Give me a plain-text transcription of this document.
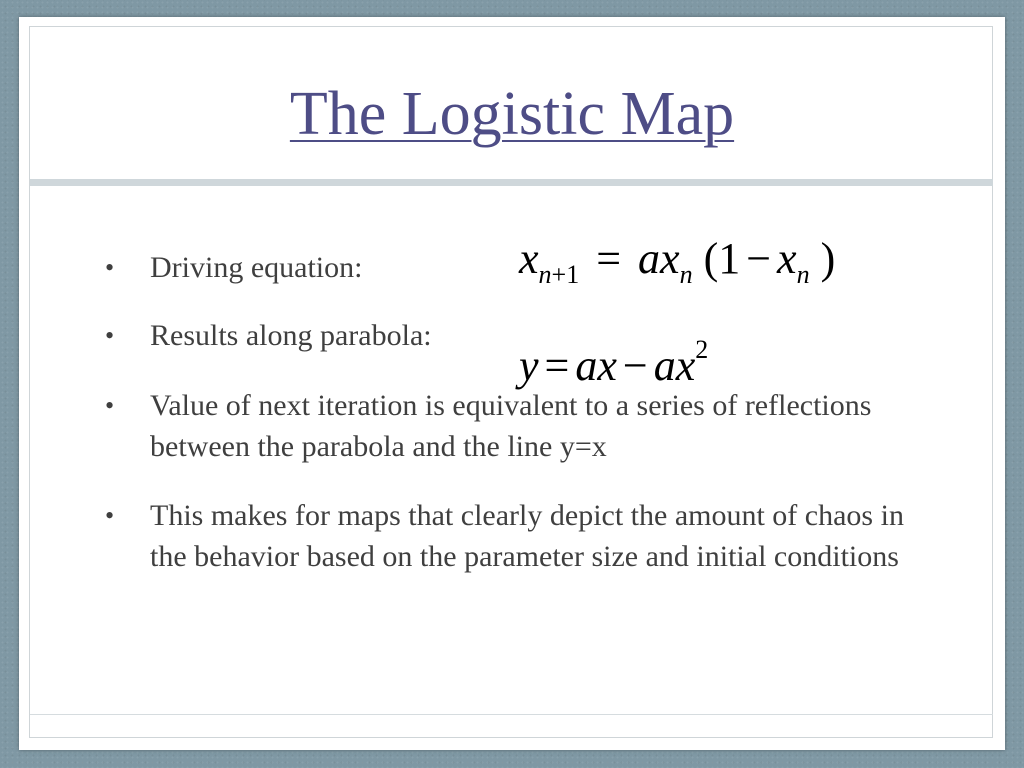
The Logistic Map
• Driving equation:
• Results along parabola:
• Value of next iteration is equivalent to a series of reflections between the parabola and the line y=x
• This makes for maps that clearly depict the amount of chaos in the behavior based on the parameter size and initial conditions
$x_{n+1} = ax_n$ ($1 - x_n$ )
y = ax − $ax^2$
